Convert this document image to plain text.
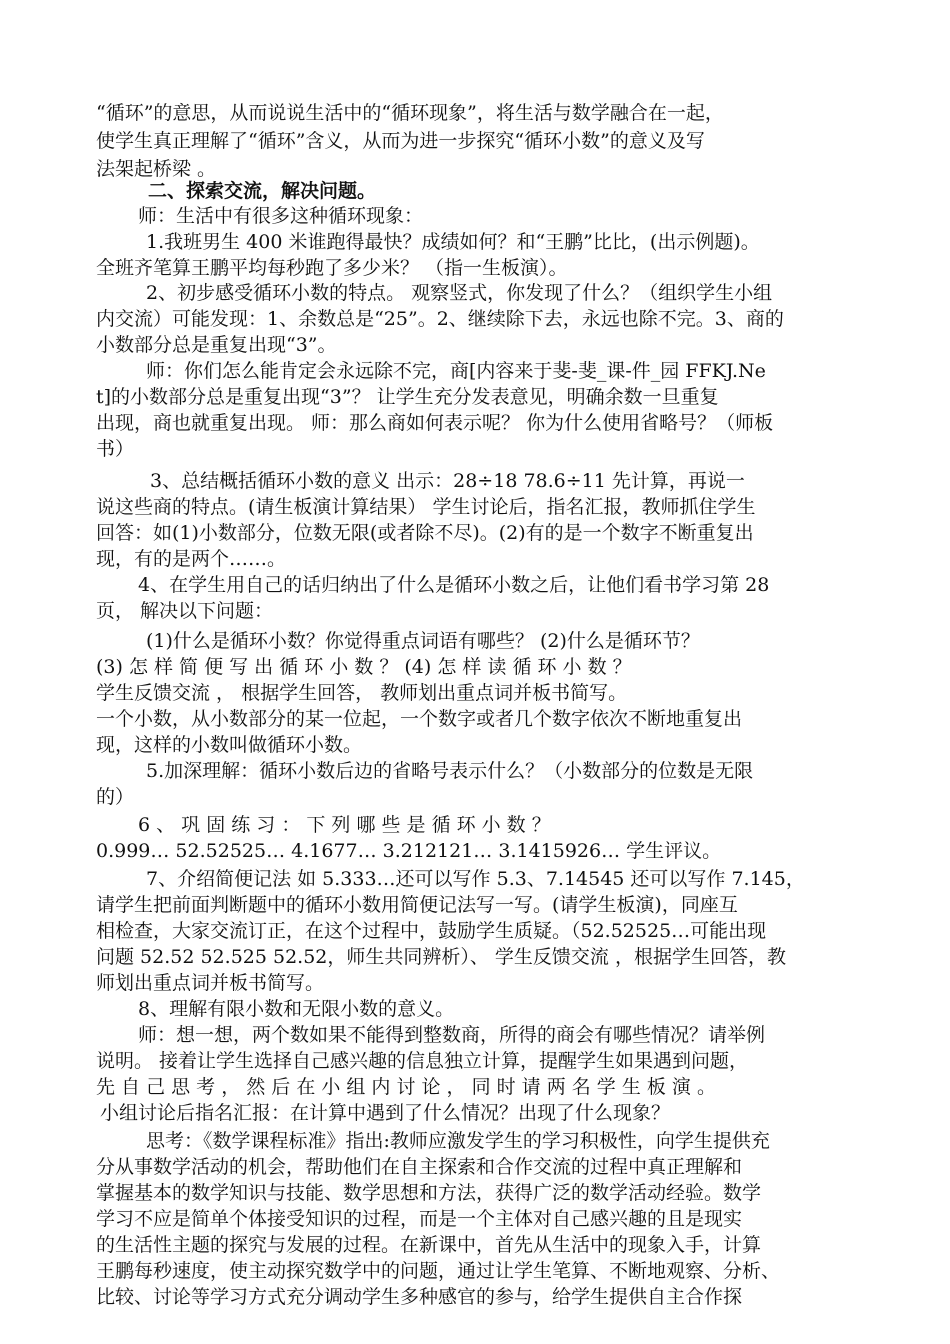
“循环”的意思，从而说说生活中的“循环现象”，将生活与数学融合在一起，
使学生真正理解了“循环”含义，从而为进一步探究“循环小数”的意义及写
法架起桥梁 。
二、探索交流，解决问题。
师：生活中有很多这种循环现象：
1.我班男生 400 米谁跑得最快？成绩如何？和“王鹏”比比，(出示例题)。
全班齐笔算王鹏平均每秒跑了多少米？ （指一生板演）。
2、初步感受循环小数的特点。 观察竖式，你发现了什么？（组织学生小组
内交流）可能发现：1、余数总是“25”。2、继续除下去，永远也除不完。3、商的
小数部分总是重复出现“3”。
师：你们怎么能肯定会永远除不完，商[内容来于斐-斐_课-件_园 FFKJ.Ne
t]的小数部分总是重复出现“3”？ 让学生充分发表意见，明确余数一旦重复
出现，商也就重复出现。 师：那么商如何表示呢？ 你为什么使用省略号？（师板
书）
3、总结概括循环小数的意义 出示：28÷18 78.6÷11 先计算，再说一
说这些商的特点。(请生板演计算结果） 学生讨论后，指名汇报，教师抓住学生
回答：如(1)小数部分，位数无限(或者除不尽)。(2)有的是一个数字不断重复出
现，有的是两个……。
4、在学生用自己的话归纳出了什么是循环小数之后，让他们看书学习第 28
页， 解决以下问题：
(1)什么是循环小数？你觉得重点词语有哪些？ (2)什么是循环节？
(3) 怎 样 简 便 写 出 循 环 小 数 ？ (4) 怎 样 读 循 环 小 数 ？
学生反馈交流 ， 根据学生回答， 教师划出重点词并板书简写。
一个小数，从小数部分的某一位起，一个数字或者几个数字依次不断地重复出
现，这样的小数叫做循环小数。
5.加深理解：循环小数后边的省略号表示什么？（小数部分的位数是无限
的）
6 、 巩 固 练 习 ： 下 列 哪 些 是 循 环 小 数 ？
0.999… 52.52525… 4.1677… 3.212121… 3.1415926… 学生评议。
7、介绍简便记法 如 5.333…还可以写作 5.3、7.14545 还可以写作 7.145，
请学生把前面判断题中的循环小数用简便记法写一写。(请学生板演)，同座互
相检查，大家交流订正，在这个过程中，鼓励学生质疑。（52.52525…可能出现
问题 52.52 52.525 52.52，师生共同辨析）、 学生反馈交流 ，根据学生回答，教
师划出重点词并板书简写。
8、理解有限小数和无限小数的意义。
师：想一想，两个数如果不能得到整数商，所得的商会有哪些情况？请举例
说明。 接着让学生选择自己感兴趣的信息独立计算，提醒学生如果遇到问题，
先 自 己 思 考 ， 然 后 在 小 组 内 讨 论 ， 同 时 请 两 名 学 生 板 演 。
小组讨论后指名汇报：在计算中遇到了什么情况？出现了什么现象？
思考：《数学课程标准》指出:教师应激发学生的学习积极性，向学生提供充
分从事数学活动的机会，帮助他们在自主探索和合作交流的过程中真正理解和
掌握基本的数学知识与技能、数学思想和方法，获得广泛的数学活动经验。数学
学习不应是简单个体接受知识的过程，而是一个主体对自己感兴趣的且是现实
的生活性主题的探究与发展的过程。在新课中，首先从生活中的现象入手，计算
王鹏每秒速度，使主动探究数学中的问题，通过让学生笔算、不断地观察、分析、
比较、讨论等学习方式充分调动学生多种感官的参与，给学生提供自主合作探
